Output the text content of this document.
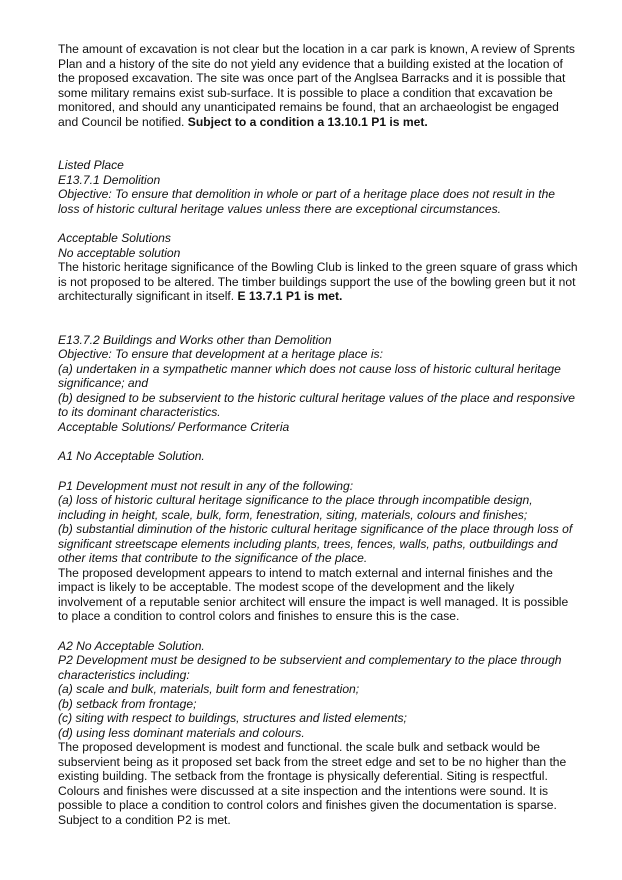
The amount of excavation is not clear but the location in a car park is known, A review of Sprents Plan and a history of the site do not yield any evidence that a building existed at the location of the proposed excavation. The site was once part of the Anglsea Barracks and it is possible that some military remains exist sub-surface. It is possible to place a condition that excavation be monitored, and should any unanticipated remains be found, that an archaeologist be engaged and Council be notified. Subject to a condition a 13.10.1 P1 is met.

Listed Place

E13.7.1 Demolition

Objective: To ensure that demolition in whole or part of a heritage place does not result in the loss of historic cultural heritage values unless there are exceptional circumstances.

Acceptable Solutions

No acceptable solution

The historic heritage significance of the Bowling Club is linked to the green square of grass which is not proposed to be altered. The timber buildings support the use of the bowling green but it not architecturally significant in itself. E 13.7.1 P1 is met.

E13.7.2 Buildings and Works other than Demolition

Objective: To ensure that development at a heritage place is:

(a) undertaken in a sympathetic manner which does not cause loss of historic cultural heritage significance; and

(b) designed to be subservient to the historic cultural heritage values of the place and responsive to its dominant characteristics.

Acceptable Solutions/ Performance Criteria

A1 No Acceptable Solution.

P1 Development must not result in any of the following:

(a) loss of historic cultural heritage significance to the place through incompatible design, including in height, scale, bulk, form, fenestration, siting, materials, colours and finishes;

(b) substantial diminution of the historic cultural heritage significance of the place through loss of significant streetscape elements including plants, trees, fences, walls, paths, outbuildings and other items that contribute to the significance of the place.

The proposed development appears to intend to match external and internal finishes and the impact is likely to be acceptable. The modest scope of the development and the likely involvement of a reputable senior architect will ensure the impact is well managed. It is possible to place a condition to control colors and finishes to ensure this is the case.

A2 No Acceptable Solution.

P2 Development must be designed to be subservient and complementary to the place through characteristics including:

(a) scale and bulk, materials, built form and fenestration;

(b) setback from frontage;

(c) siting with respect to buildings, structures and listed elements;

(d) using less dominant materials and colours.

The proposed development is modest and functional. the scale bulk and setback would be subservient being as it proposed set back from the street edge and set to be no higher than the existing building. The setback from the frontage is physically deferential. Siting is respectful. Colours and finishes were discussed at a site inspection and the intentions were sound. It is possible to place a condition to control colors and finishes given the documentation is sparse. Subject to a condition P2 is met.
